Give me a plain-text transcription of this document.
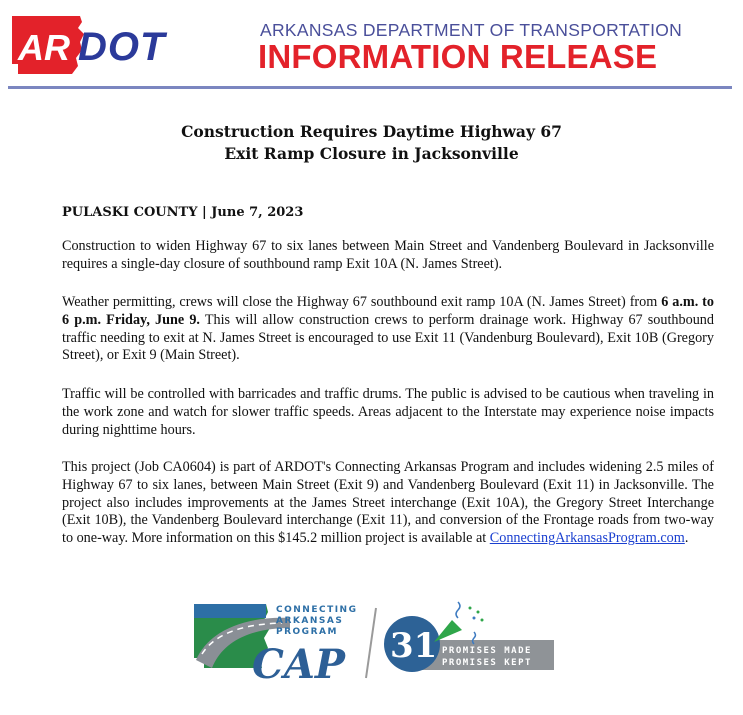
AR DOT	ARKANSAS DEPARTMENT OF TRANSPORTATION
INFORMATION RELEASE
Construction Requires Daytime Highway 67
Exit Ramp Closure in Jacksonville
PULASKI COUNTY | June 7, 2023
Construction to widen Highway 67 to six lanes between Main Street and Vandenberg Boulevard in Jacksonville requires a single-day closure of southbound ramp Exit 10A (N. James Street).
Weather permitting, crews will close the Highway 67 southbound exit ramp 10A (N. James Street) from 6 a.m. to 6 p.m. Friday, June 9. This will allow construction crews to perform drainage work. Highway 67 southbound traffic needing to exit at N. James Street is encouraged to use Exit 11 (Vandenburg Boulevard), Exit 10B (Gregory Street), or Exit 9 (Main Street).
Traffic will be controlled with barricades and traffic drums. The public is advised to be cautious when traveling in the work zone and watch for slower traffic speeds. Areas adjacent to the Interstate may experience noise impacts during nighttime hours.
This project (Job CA0604) is part of ARDOT's Connecting Arkansas Program and includes widening 2.5 miles of Highway 67 to six lanes, between Main Street (Exit 9) and Vandenberg Boulevard (Exit 11) in Jacksonville. The project also includes improvements at the James Street interchange (Exit 10A), the Gregory Street Interchange (Exit 10B), the Vandenberg Boulevard interchange (Exit 11), and conversion of the Frontage roads from two-way to one-way. More information on this $145.2 million project is available at ConnectingArkansasProgram.com.
CONNECTING
ARKANSAS
PROGRAM
CAP 31 PROMISES MADE
PROMISES KEPT
